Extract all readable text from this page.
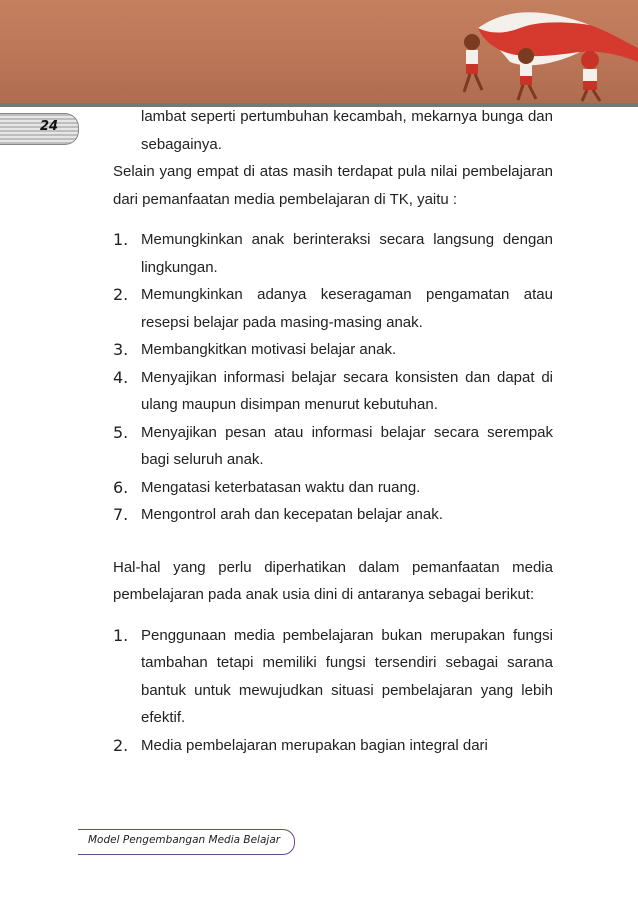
24

lambat seperti pertumbuhan kecambah, mekarnya bunga dan sebagainya.

Selain yang empat di atas masih terdapat pula nilai pembelajaran dari pemanfaatan media pembelajaran di TK, yaitu :

1. Memungkinkan anak berinteraksi secara langsung dengan lingkungan.
2. Memungkinkan adanya keseragaman pengamatan atau resepsi belajar pada masing-masing anak.
3. Membangkitkan motivasi belajar anak.
4. Menyajikan informasi belajar secara konsisten dan dapat di ulang maupun disimpan menurut kebutuhan.
5. Menyajikan pesan atau informasi belajar secara serempak bagi seluruh anak.
6. Mengatasi keterbatasan waktu dan ruang.
7. Mengontrol arah dan kecepatan belajar anak.

Hal-hal yang perlu diperhatikan dalam pemanfaatan media pembelajaran pada anak usia dini di antaranya sebagai berikut:

1. Penggunaan media pembelajaran bukan merupakan fungsi tambahan tetapi memiliki fungsi tersendiri sebagai sarana bantuk untuk mewujudkan situasi pembelajaran yang lebih efektif.
2. Media pembelajaran merupakan bagian integral dari
Model Pengembangan Media Belajar
